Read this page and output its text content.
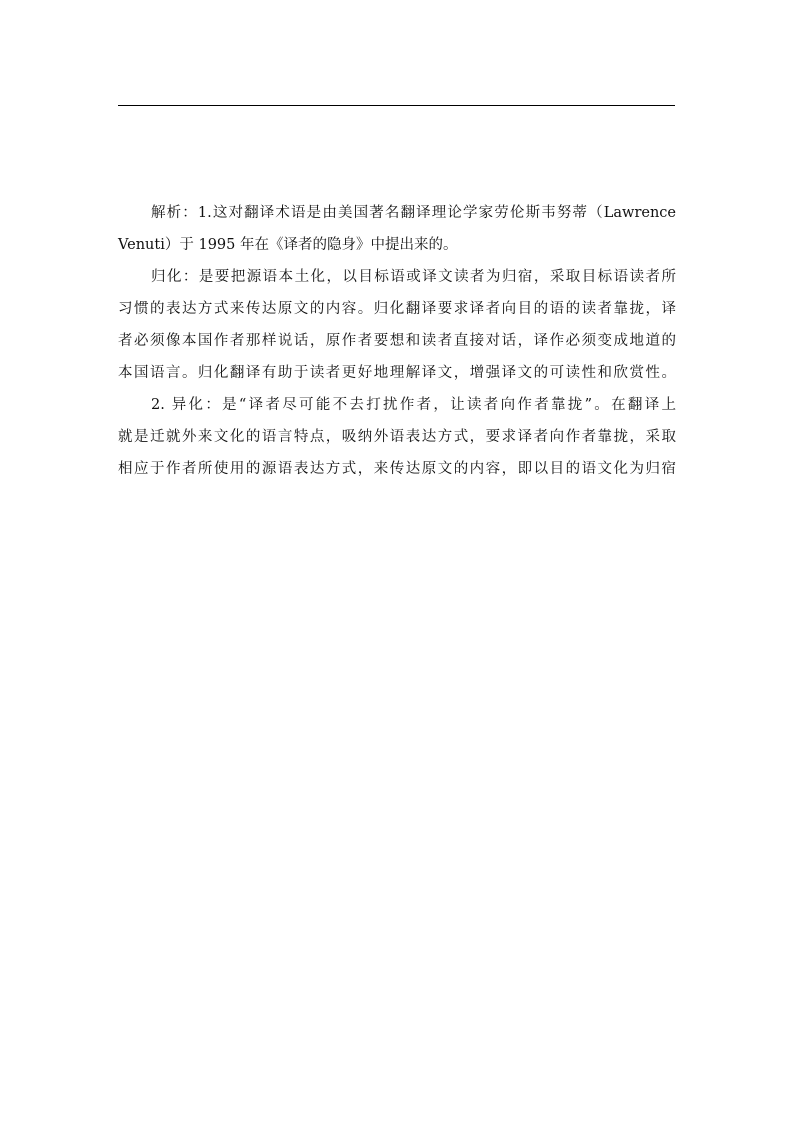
解析：1.这对翻译术语是由美国著名翻译理论学家劳伦斯韦努蒂（Lawrence
Venuti）于 1995 年在《译者的隐身》中提出来的。
归化：是要把源语本土化，以目标语或译文读者为归宿，采取目标语读者所
习惯的表达方式来传达原文的内容。归化翻译要求译者向目的语的读者靠拢，译
者必须像本国作者那样说话，原作者要想和读者直接对话，译作必须变成地道的
本国语言。归化翻译有助于读者更好地理解译文，增强译文的可读性和欣赏性。
2. 异化：是“译者尽可能不去打扰作者，让读者向作者靠拢”。在翻译上
就是迁就外来文化的语言特点，吸纳外语表达方式，要求译者向作者靠拢，采取
相应于作者所使用的源语表达方式，来传达原文的内容，即以目的语文化为归宿
